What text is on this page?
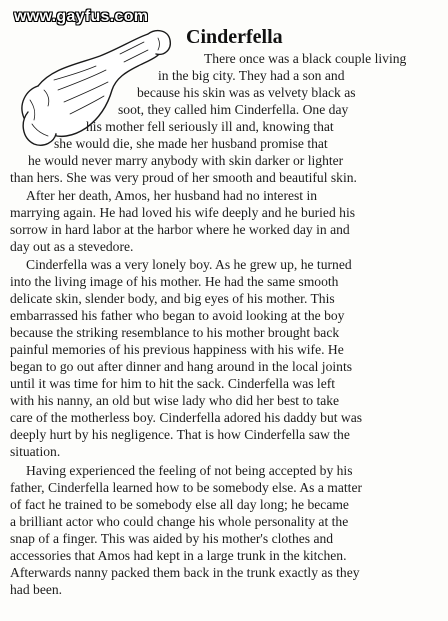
www.gayfus.com
Cinderfella
There once was a black couple living
in the big city. They had a son and
because his skin was as velvety black as
soot, they called him Cinderfella. One day
his mother fell seriously ill and, knowing that
she would die, she made her husband promise that
he would never marry anybody with skin darker or lighter
than hers. She was very proud of her smooth and beautiful skin.
After her death, Amos, her husband had no interest in
marrying again. He had loved his wife deeply and he buried his
sorrow in hard labor at the harbor where he worked day in and
day out as a stevedore.
Cinderfella was a very lonely boy. As he grew up, he turned
into the living image of his mother. He had the same smooth
delicate skin, slender body, and big eyes of his mother. This
embarrassed his father who began to avoid looking at the boy
because the striking resemblance to his mother brought back
painful memories of his previous happiness with his wife. He
began to go out after dinner and hang around in the local joints
until it was time for him to hit the sack. Cinderfella was left
with his nanny, an old but wise lady who did her best to take
care of the motherless boy. Cinderfella adored his daddy but was
deeply hurt by his negligence. That is how Cinderfella saw the
situation.
Having experienced the feeling of not being accepted by his
father, Cinderfella learned how to be somebody else. As a matter
of fact he trained to be somebody else all day long; he became
a brilliant actor who could change his whole personality at the
snap of a finger. This was aided by his mother's clothes and
accessories that Amos had kept in a large trunk in the kitchen.
Afterwards nanny packed them back in the trunk exactly as they
had been.
